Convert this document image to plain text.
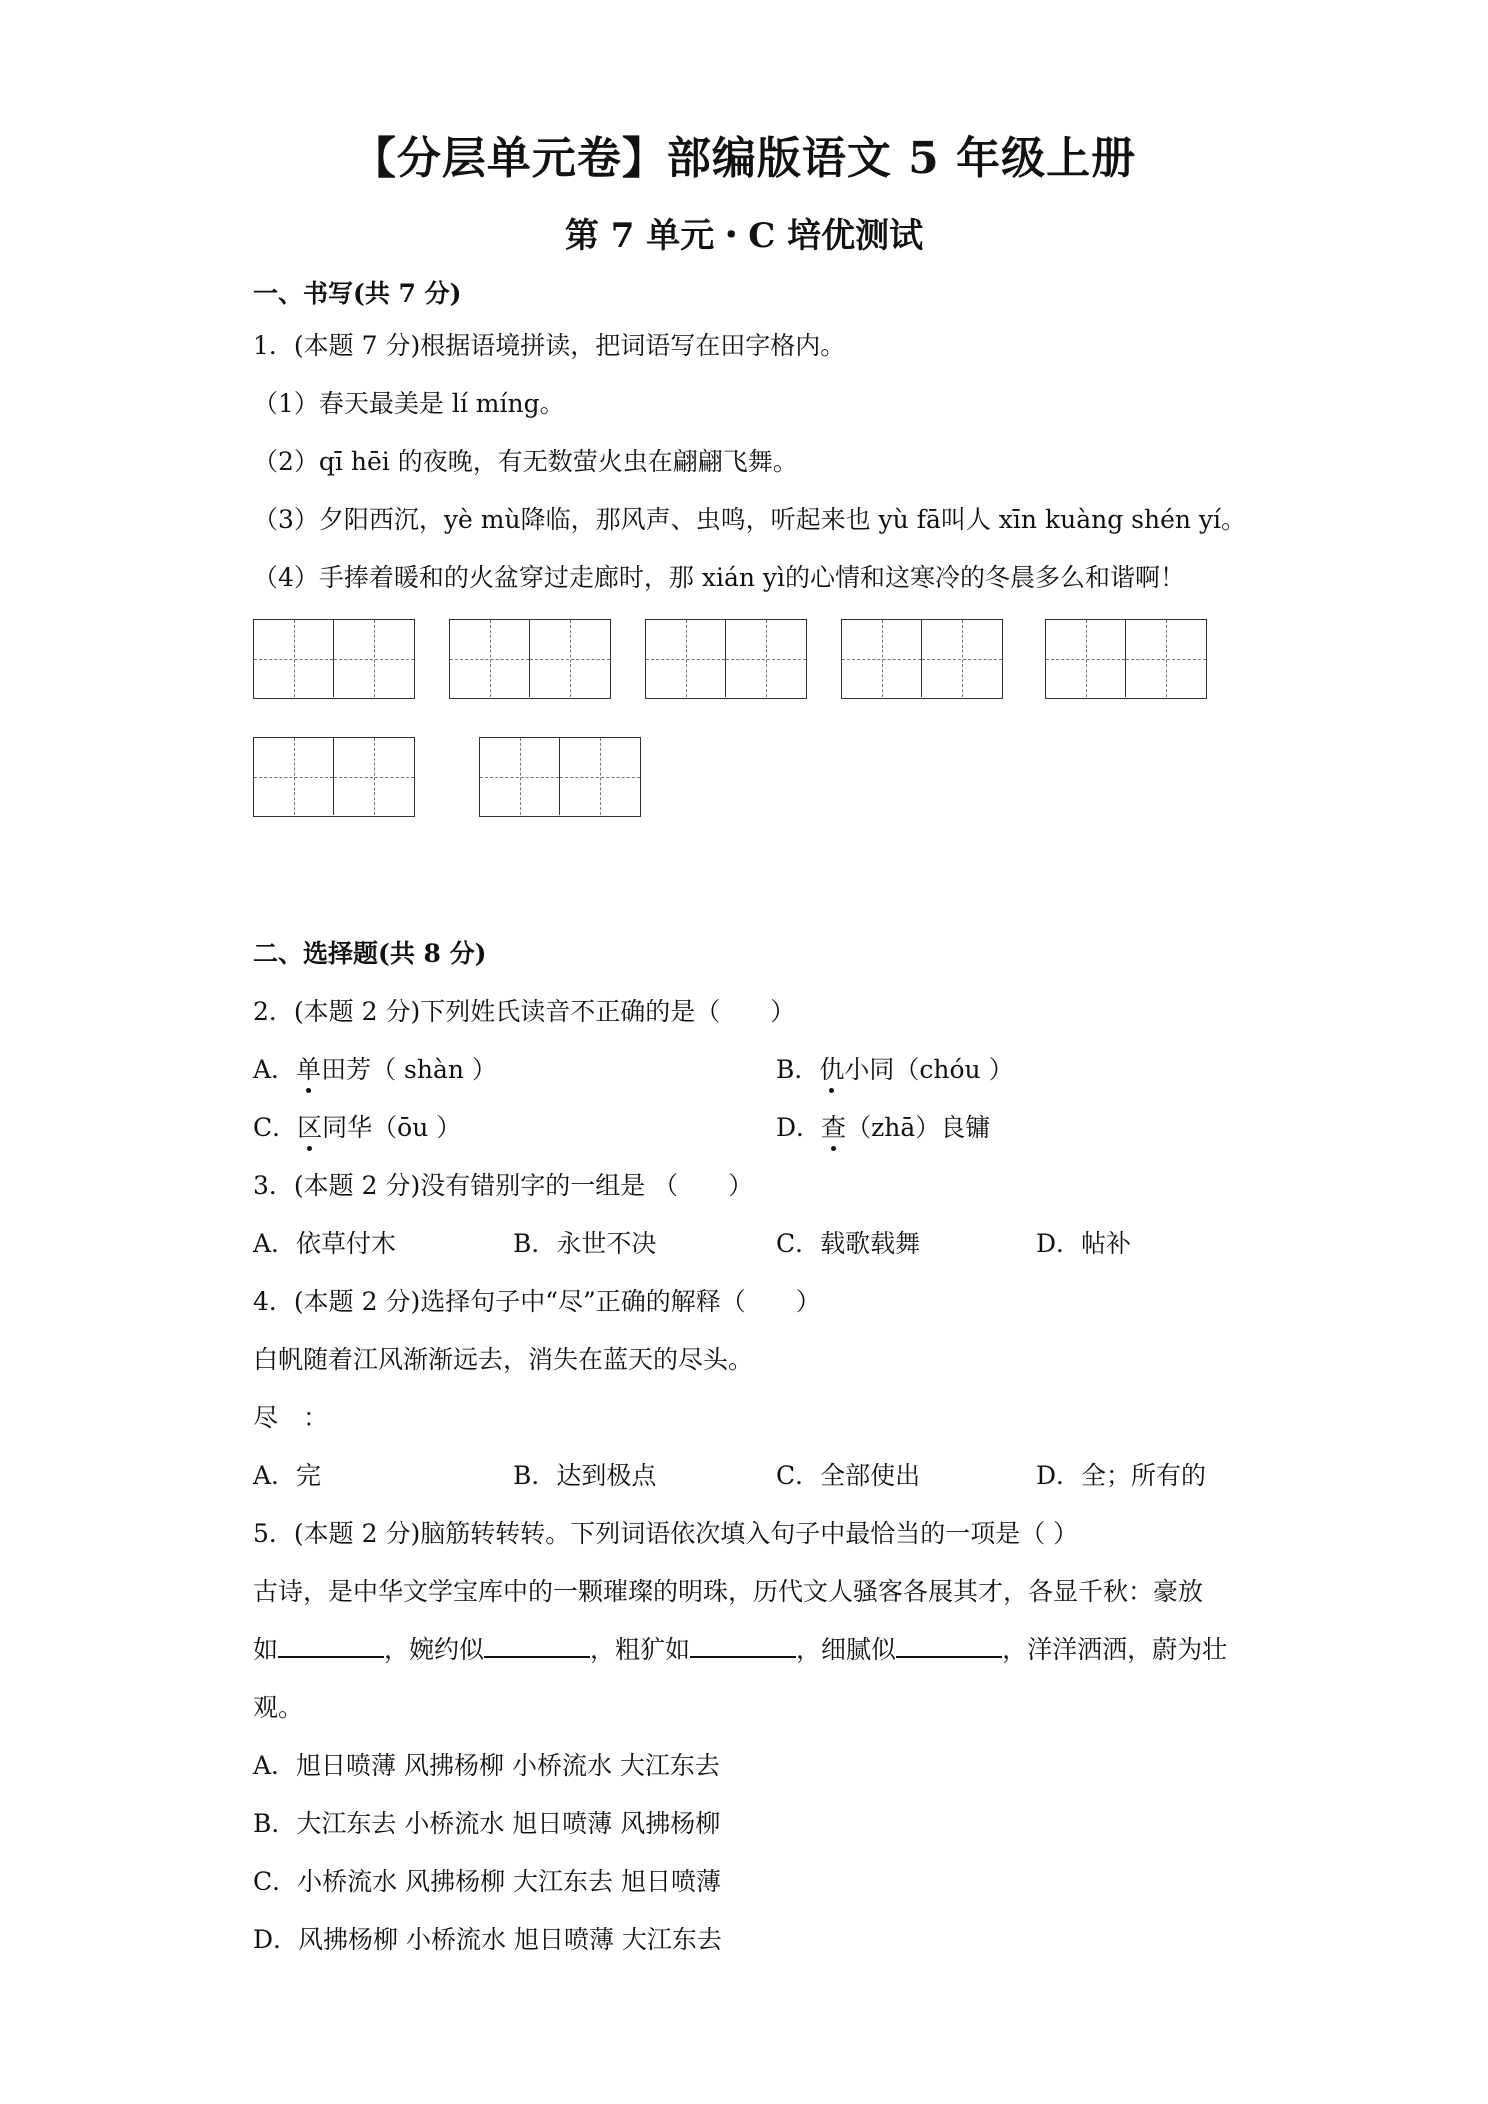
【分层单元卷】部编版语文 5 年级上册
第 7 单元・C 培优测试
一、书写(共 7 分)
1．(本题 7 分)根据语境拼读，把词语写在田字格内。
（1）春天最美是 lí míng。
（2）qī hēi 的夜晚，有无数萤火虫在翩翩飞舞。
（3）夕阳西沉，yè mù降临，那风声、虫鸣，听起来也 yù fā叫人 xīn kuàng shén yí。
（4）手捧着暖和的火盆穿过走廊时，那 xián yì的心情和这寒冷的冬晨多么和谐啊！
二、选择题(共 8 分)
2．(本题 2 分)下列姓氏读音不正确的是（　　）
A．单田芳（ shàn ）	B．仇小同（chóu ）
C．区同华（ōu ）	D．查（zhā）良镛
3．(本题 2 分)没有错别字的一组是 （　　）
A．依草付木	B．永世不决	C．载歌载舞	D．帖补
4．(本题 2 分)选择句子中“尽”正确的解释（　　）
白帆随着江风渐渐远去，消失在蓝天的尽头。
尽　：
A．完	B．达到极点	C．全部使出	D．全；所有的
5．(本题 2 分)脑筋转转转。下列词语依次填入句子中最恰当的一项是（ ）
古诗，是中华文学宝库中的一颗璀璨的明珠，历代文人骚客各展其才，各显千秋：豪放
如	，婉约似	，粗犷如	，细腻似	，洋洋洒洒，蔚为壮
观。
A．旭日喷薄 风拂杨柳 小桥流水 大江东去
B．大江东去 小桥流水 旭日喷薄 风拂杨柳
C．小桥流水 风拂杨柳 大江东去 旭日喷薄
D．风拂杨柳 小桥流水 旭日喷薄 大江东去
